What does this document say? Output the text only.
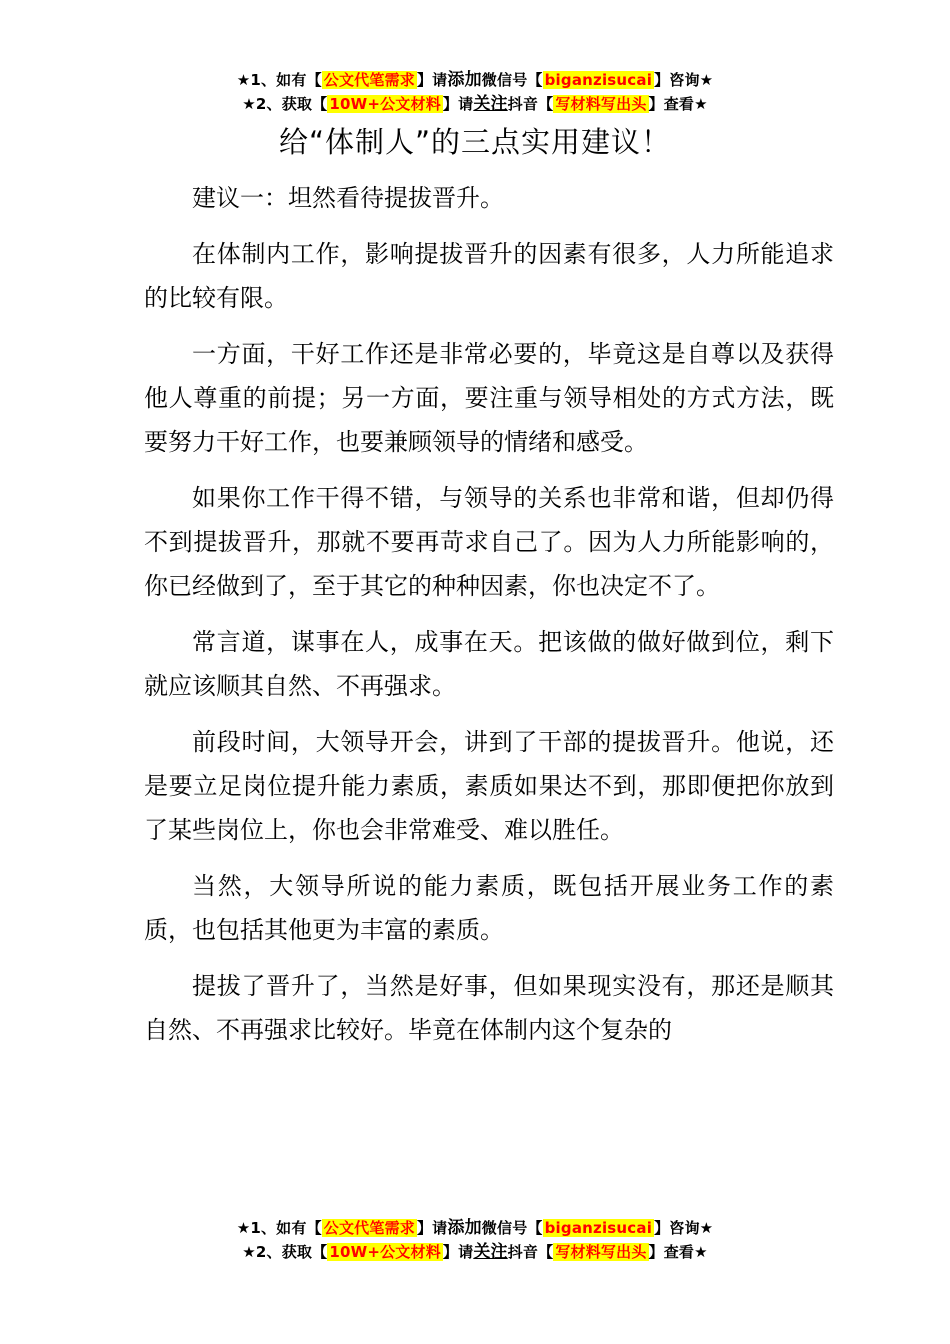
★1、如有【 公文代笔需求 】请添加微信号【 biganzisucai 】咨询★
★2、获取【 10W+公文材料 】请关注抖音【 写材料写出头 】查看★
给“体制人”的三点实用建议！

建议一：坦然看待提拔晋升。

在体制内工作，影响提拔晋升的因素有很多，人力所能追求的比较有限。

一方面，干好工作还是非常必要的，毕竟这是自尊以及获得他人尊重的前提；另一方面，要注重与领导相处的方式方法，既要努力干好工作，也要兼顾领导的情绪和感受。

如果你工作干得不错，与领导的关系也非常和谐，但却仍得不到提拔晋升，那就不要再苛求自己了。因为人力所能影响的，你已经做到了，至于其它的种种因素，你也决定不了。

常言道，谋事在人，成事在天。把该做的做好做到位，剩下就应该顺其自然、不再强求。

前段时间，大领导开会，讲到了干部的提拔晋升。他说，还是要立足岗位提升能力素质，素质如果达不到，那即便把你放到了某些岗位上，你也会非常难受、难以胜任。

当然，大领导所说的能力素质，既包括开展业务工作的素质，也包括其他更为丰富的素质。

提拔了晋升了，当然是好事，但如果现实没有，那还是顺其自然、不再强求比较好。毕竟在体制内这个复杂的

★1、如有【 公文代笔需求 】请添加微信号【 biganzisucai 】咨询★
★2、获取【 10W+公文材料 】请关注抖音【 写材料写出头 】查看★
